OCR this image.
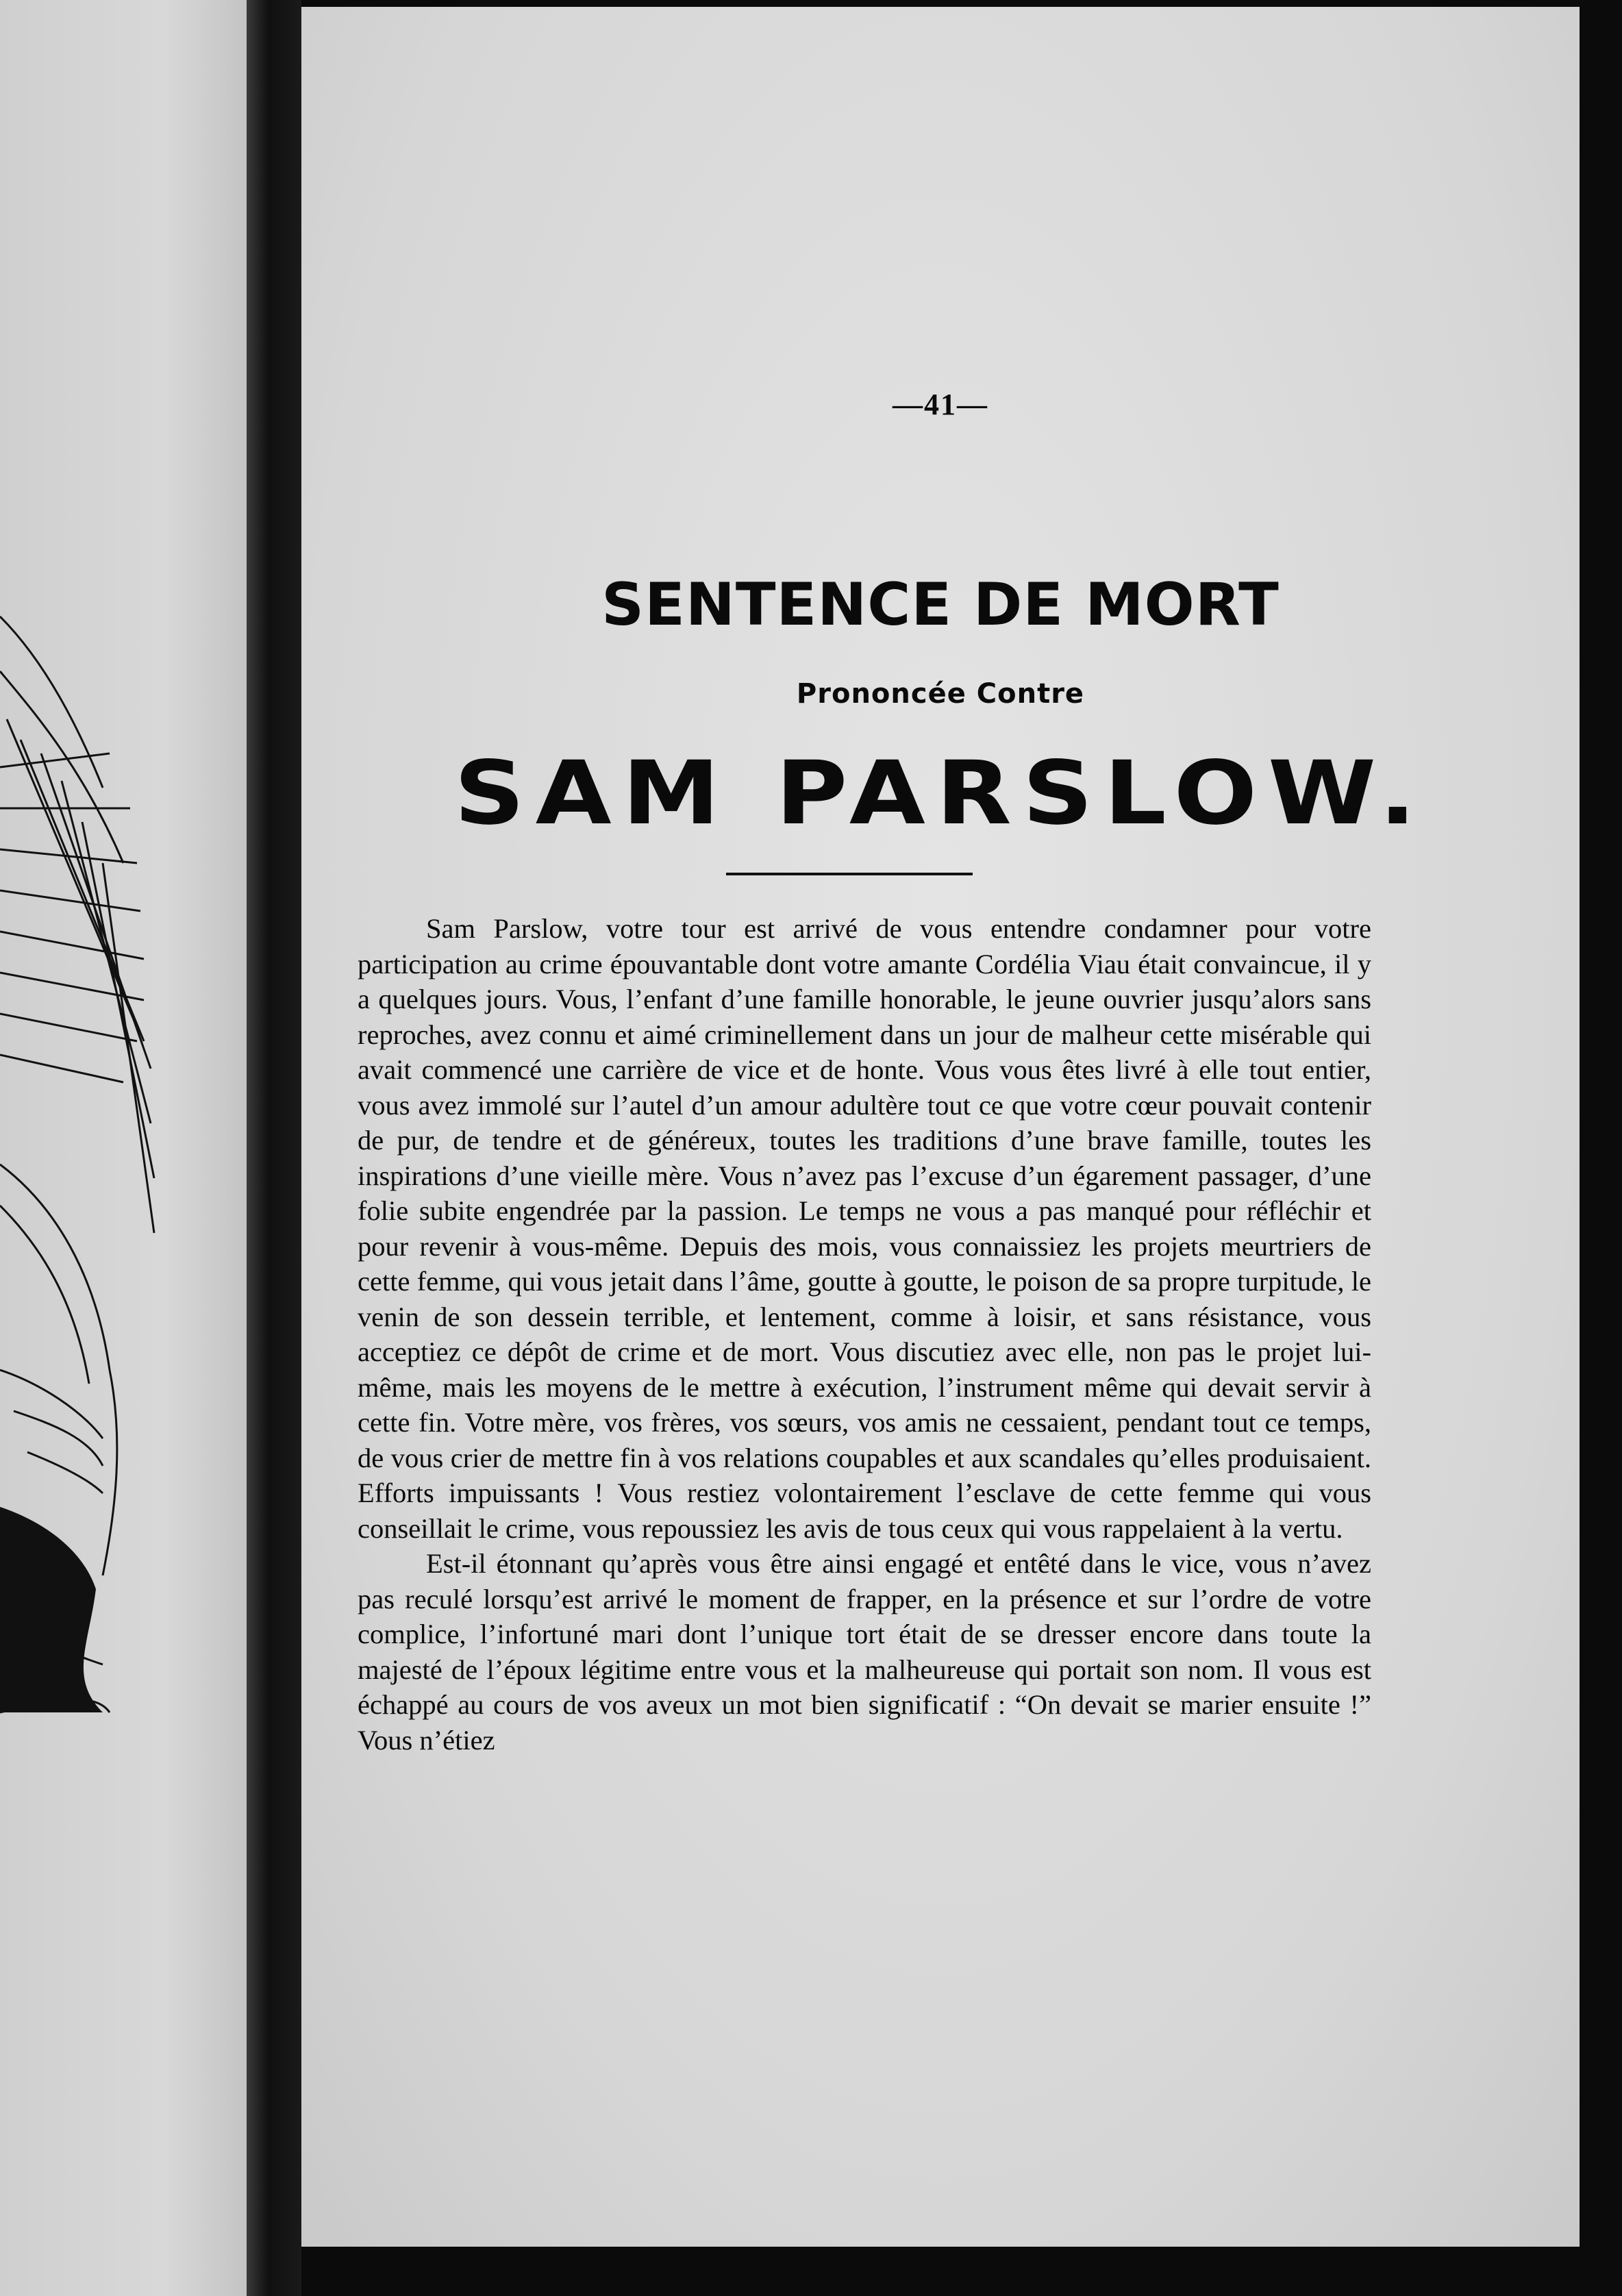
—41—
SENTENCE DE MORT
Prononcée Contre
SAM PARSLOW.

Sam Parslow, votre tour est arrivé de vous entendre condamner pour votre participation au crime épouvantable dont votre amante Cordélia Viau était convaincue, il y a quelques jours. Vous, l’enfant d’une famille honorable, le jeune ouvrier jusqu’alors sans reproches, avez connu et aimé criminellement dans un jour de malheur cette misérable qui avait commencé une carrière de vice et de honte. Vous vous êtes livré à elle tout entier, vous avez immolé sur l’autel d’un amour adultère tout ce que votre cœur pouvait contenir de pur, de tendre et de généreux, toutes les traditions d’une brave famille, toutes les inspirations d’une vieille mère. Vous n’avez pas l’excuse d’un égarement passager, d’une folie subite engendrée par la passion. Le temps ne vous a pas manqué pour réfléchir et pour revenir à vous-même. Depuis des mois, vous connaissiez les projets meurtriers de cette femme, qui vous jetait dans l’âme, goutte à goutte, le poison de sa propre turpitude, le venin de son dessein terrible, et lentement, comme à loisir, et sans résistance, vous acceptiez ce dépôt de crime et de mort. Vous discutiez avec elle, non pas le projet lui-même, mais les moyens de le mettre à exécution, l’instrument même qui devait servir à cette fin. Votre mère, vos frères, vos sœurs, vos amis ne cessaient, pendant tout ce temps, de vous crier de mettre fin à vos relations coupables et aux scandales qu’elles produisaient. Efforts impuissants ! Vous restiez volontairement l’esclave de cette femme qui vous conseillait le crime, vous repoussiez les avis de tous ceux qui vous rappelaient à la vertu.

Est-il étonnant qu’après vous être ainsi engagé et entêté dans le vice, vous n’avez pas reculé lorsqu’est arrivé le moment de frapper, en la présence et sur l’ordre de votre complice, l’infortuné mari dont l’unique tort était de se dresser encore dans toute la majesté de l’époux légitime entre vous et la malheureuse qui portait son nom. Il vous est échappé au cours de vos aveux un mot bien significatif : “On devait se marier ensuite !” Vous n’étiez
